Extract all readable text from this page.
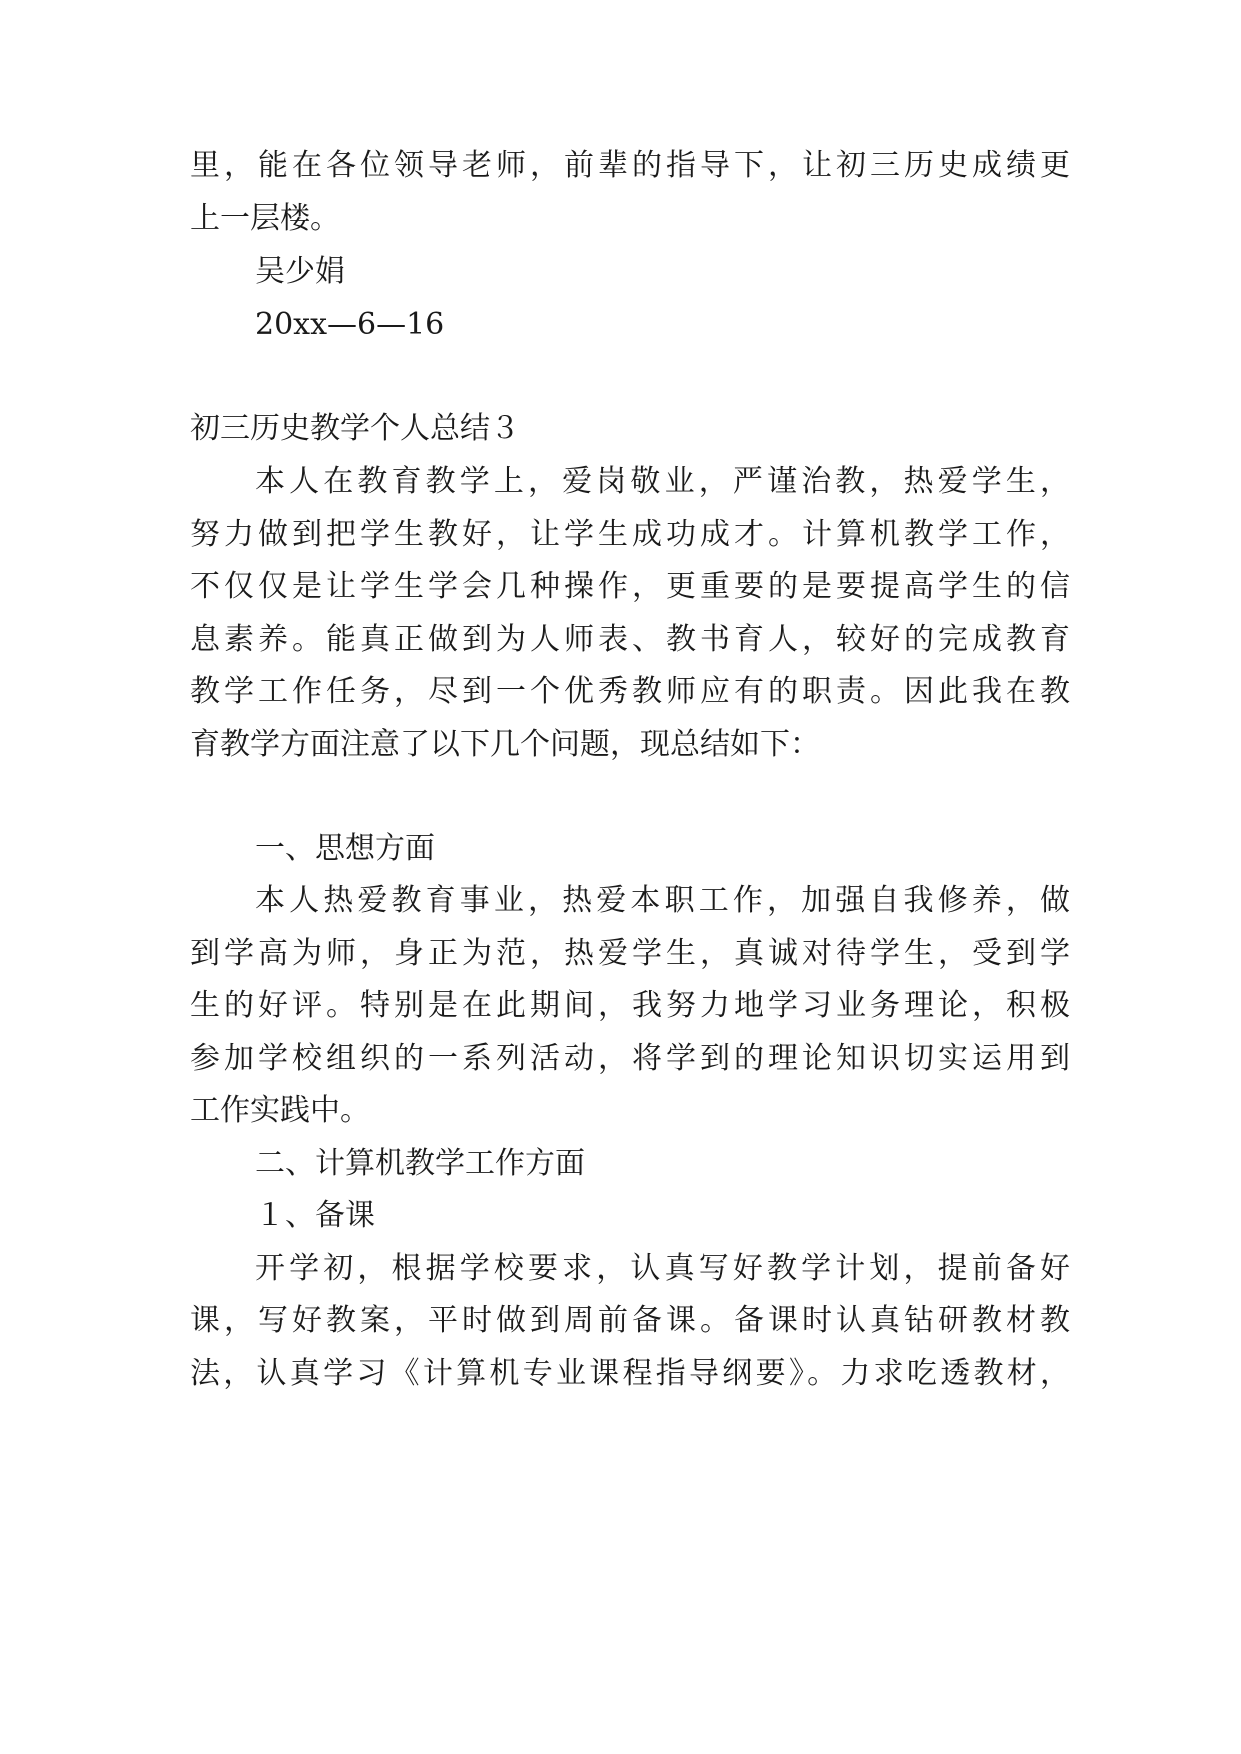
里，能在各位领导老师，前辈的指导下，让初三历史成绩更
上一层楼。
吴少娟
20xx—6—16
初三历史教学个人总结３
本人在教育教学上，爱岗敬业，严谨治教，热爱学生，
努力做到把学生教好，让学生成功成才。计算机教学工作，
不仅仅是让学生学会几种操作，更重要的是要提高学生的信
息素养。能真正做到为人师表、教书育人，较好的完成教育
教学工作任务，尽到一个优秀教师应有的职责。因此我在教
育教学方面注意了以下几个问题，现总结如下：
一、思想方面
本人热爱教育事业，热爱本职工作，加强自我修养，做
到学高为师，身正为范，热爱学生，真诚对待学生，受到学
生的好评。特别是在此期间，我努力地学习业务理论，积极
参加学校组织的一系列活动，将学到的理论知识切实运用到
工作实践中。
二、计算机教学工作方面
１、备课
开学初，根据学校要求，认真写好教学计划，提前备好
课，写好教案，平时做到周前备课。备课时认真钻研教材教
法，认真学习《计算机专业课程指导纲要》。力求吃透教材，
